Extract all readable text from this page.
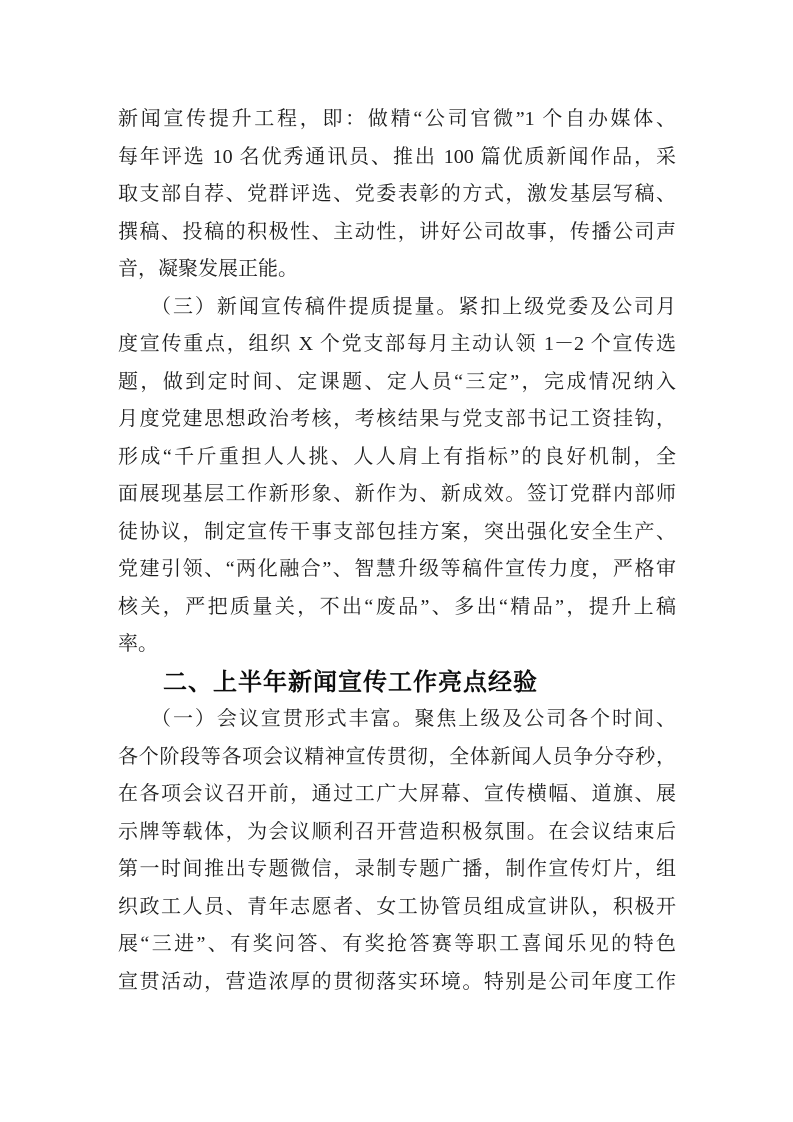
新闻宣传提升工程，即：做精“公司官微”1 个自办媒体、
每年评选 10 名优秀通讯员、推出 100 篇优质新闻作品，采
取支部自荐、党群评选、党委表彰的方式，激发基层写稿、
撰稿、投稿的积极性、主动性，讲好公司故事，传播公司声
音，凝聚发展正能。
（三）新闻宣传稿件提质提量。紧扣上级党委及公司月
度宣传重点，组织 X 个党支部每月主动认领 1－2 个宣传选
题，做到定时间、定课题、定人员“三定”，完成情况纳入
月度党建思想政治考核，考核结果与党支部书记工资挂钩，
形成“千斤重担人人挑、人人肩上有指标”的良好机制，全
面展现基层工作新形象、新作为、新成效。签订党群内部师
徒协议，制定宣传干事支部包挂方案，突出强化安全生产、
党建引领、“两化融合”、智慧升级等稿件宣传力度，严格审
核关，严把质量关，不出“废品”、多出“精品”，提升上稿
率。
二、上半年新闻宣传工作亮点经验
（一）会议宣贯形式丰富。聚焦上级及公司各个时间、
各个阶段等各项会议精神宣传贯彻，全体新闻人员争分夺秒，
在各项会议召开前，通过工广大屏幕、宣传横幅、道旗、展
示牌等载体，为会议顺利召开营造积极氛围。在会议结束后
第一时间推出专题微信，录制专题广播，制作宣传灯片，组
织政工人员、青年志愿者、女工协管员组成宣讲队，积极开
展“三进”、有奖问答、有奖抢答赛等职工喜闻乐见的特色
宣贯活动，营造浓厚的贯彻落实环境。特别是公司年度工作
